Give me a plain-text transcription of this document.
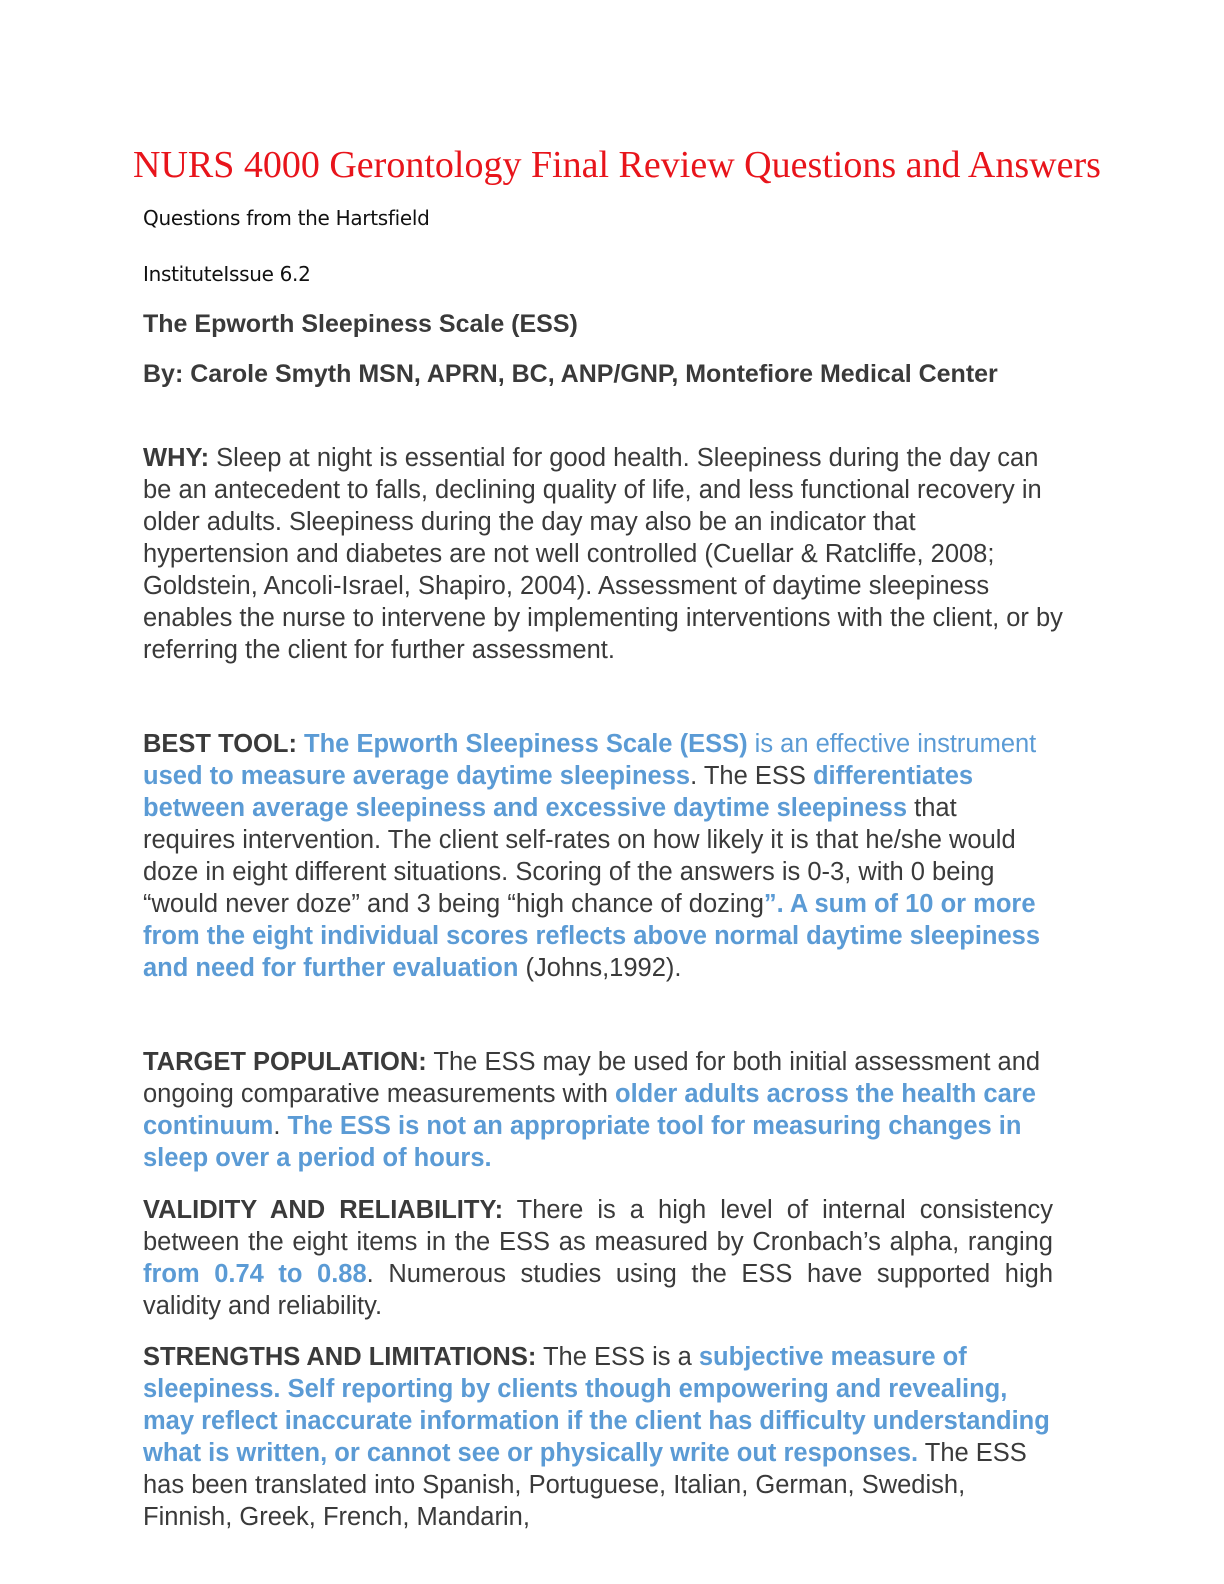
NURS 4000 Gerontology Final Review Questions and Answers

Questions from the Hartsfield

InstituteIssue 6.2

The Epworth Sleepiness Scale (ESS)
By: Carole Smyth MSN, APRN, BC, ANP/GNP, Montefiore Medical Center

WHY: Sleep at night is essential for good health. Sleepiness during the day can be an antecedent to falls, declining quality of life, and less functional recovery in older adults. Sleepiness during the day may also be an indicator that hypertension and diabetes are not well controlled (Cuellar & Ratcliffe, 2008; Goldstein, Ancoli-Israel, Shapiro, 2004). Assessment of daytime sleepiness enables the nurse to intervene by implementing interventions with the client, or by referring the client for further assessment.

BEST TOOL: The Epworth Sleepiness Scale (ESS) is an effective instrument used to measure average daytime sleepiness. The ESS differentiates between average sleepiness and excessive daytime sleepiness that requires intervention. The client self-rates on how likely it is that he/she would doze in eight different situations. Scoring of the answers is 0-3, with 0 being “would never doze” and 3 being “high chance of dozing”. A sum of 10 or more from the eight individual scores reflects above normal daytime sleepiness and need for further evaluation (Johns,1992).

TARGET POPULATION: The ESS may be used for both initial assessment and ongoing comparative measurements with older adults across the health care continuum. The ESS is not an appropriate tool for measuring changes in sleep over a period of hours.

VALIDITY AND RELIABILITY: There is a high level of internal consistency between the eight items in the ESS as measured by Cronbach’s alpha, ranging from 0.74 to 0.88. Numerous studies using the ESS have supported high validity and reliability.

STRENGTHS AND LIMITATIONS: The ESS is a subjective measure of sleepiness. Self reporting by clients though empowering and revealing, may reflect inaccurate information if the client has difficulty understanding what is written, or cannot see or physically write out responses. The ESS has been translated into Spanish, Portuguese, Italian, German, Swedish, Finnish, Greek, French, Mandarin,
